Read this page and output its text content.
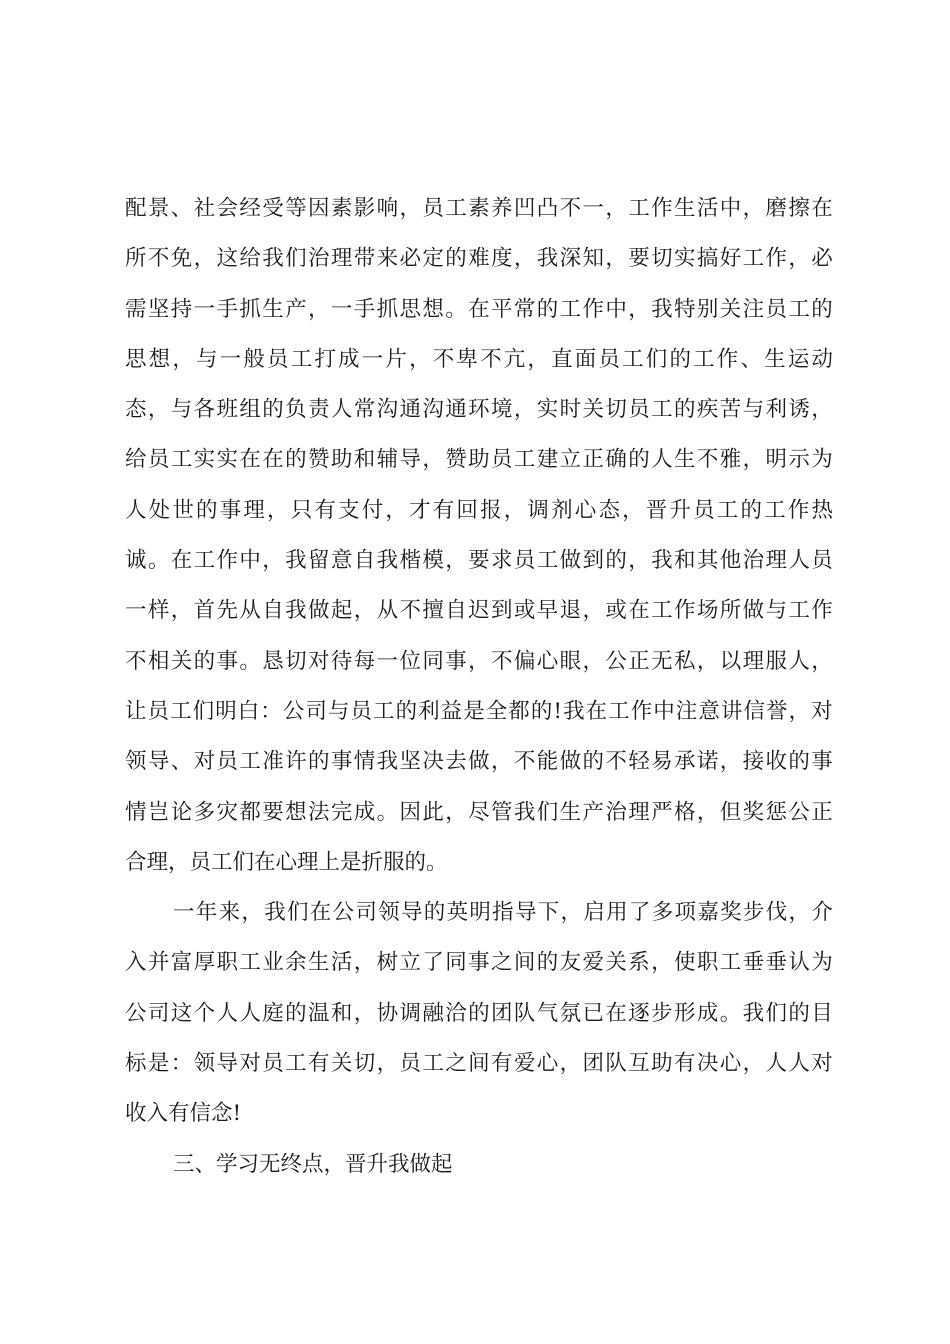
配 景 、 社 会 经 受 等 因 素 影 响 ， 员 工 素 养 凹 凸 不 一 ， 工 作 生 活 中 ， 磨 擦 在
所 不 免 ， 这 给 我 们 治 理 带 来 必 定 的 难 度 ， 我 深 知 ， 要 切 实 搞 好 工 作 ， 必
需 坚 持 一 手 抓 生 产 ， 一 手 抓 思 想 。 在 平 常 的 工 作 中 ， 我 特 别 关 注 员 工 的
思 想 ， 与 一 般 员 工 打 成 一 片 ， 不 卑 不 亢 ， 直 面 员 工 们 的 工 作 、 生 运 动
态 ， 与 各 班 组 的 负 责 人 常 沟 通 沟 通 环 境 ， 实 时 关 切 员 工 的 疾 苦 与 利 诱 ，
给 员 工 实 实 在 在 的 赞 助 和 辅 导 ， 赞 助 员 工 建 立 正 确 的 人 生 不 雅 ， 明 示 为
人 处 世 的 事 理 ， 只 有 支 付 ， 才 有 回 报 ， 调 剂 心 态 ， 晋 升 员 工 的 工 作 热
诚 。 在 工 作 中 ， 我 留 意 自 我 楷 模 ， 要 求 员 工 做 到 的 ， 我 和 其 他 治 理 人 员
一 样 ， 首 先 从 自 我 做 起 ， 从 不 擅 自 迟 到 或 早 退 ， 或 在 工 作 场 所 做 与 工 作
不 相 关 的 事 。 恳 切 对 待 每 一 位 同 事 ， 不 偏 心 眼 ， 公 正 无 私 ， 以 理 服 人 ，
让 员 工 们 明 白 ： 公 司 与 员 工 的 利 益 是 全 都 的 ! 我 在 工 作 中 注 意 讲 信 誉 ， 对
领 导 、 对 员 工 准 许 的 事 情 我 坚 决 去 做 ， 不 能 做 的 不 轻 易 承 诺 ， 接 收 的 事
情 岂 论 多 灾 都 要 想 法 完 成 。 因 此 ， 尽 管 我 们 生 产 治 理 严 格 ， 但 奖 惩 公 正
合理，员工们在心理上是折服的。
一 年 来 ， 我 们 在 公 司 领 导 的 英 明 指 导 下 ， 启 用 了 多 项 嘉 奖 步 伐 ， 介
入 并 富 厚 职 工 业 余 生 活 ， 树 立 了 同 事 之 间 的 友 爱 关 系 ， 使 职 工 垂 垂 认 为
公 司 这 个 人 人 庭 的 温 和 ， 协 调 融 洽 的 团 队 气 氛 已 在 逐 步 形 成 。 我 们 的 目
标 是 ： 领 导 对 员 工 有 关 切 ， 员 工 之 间 有 爱 心 ， 团 队 互 助 有 决 心 ， 人 人 对
收入有信念!
三、学习无终点，晋升我做起
